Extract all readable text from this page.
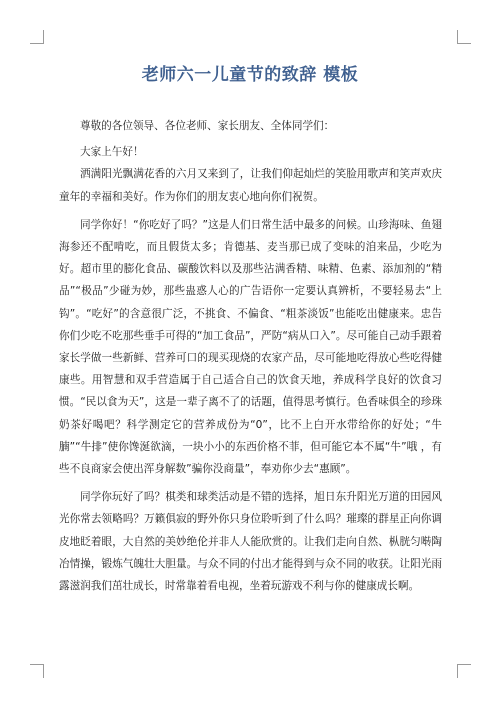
老师六一儿童节的致辞 模板

尊敬的各位领导、各位老师、家长朋友、全体同学们：

大家上午好！

洒满阳光飘满花香的六月又来到了，让我们仰起灿烂的笑脸用歌声和笑声欢庆童年的幸福和美好。作为你们的朋友衷心地向你们祝贺。

同学你好！“你吃好了吗？”这是人们日常生活中最多的问候。山珍海味、鱼翅海参还不配啃吃，而且假货太多；肯德基、麦当那已成了变味的洎来品，少吃为好。超市里的膨化食品、碳酸饮料以及那些沾满香精、味精、色素、添加剂的“精品”“极品”少碰为妙，那些蛊惑人心的广告语你一定要认真辨析，不要轻易去“上钩”。“吃好”的含意很广泛，不挑食、不偏食、“粗茶淡饭”也能吃出健康来。忠告你们少吃不吃那些垂手可得的“加工食品”，严防“病从口入”。尽可能自己动手跟着家长学做一些新鲜、营养可口的现买现烧的农家产品，尽可能地吃得放心些吃得健康些。用智慧和双手营造属于自己适合自己的饮食天地，养成科学良好的饮食习惯。“民以食为天”，这是一辈子离不了的话题，值得思考慎行。色香味俱全的珍珠奶茶好喝吧？科学测定它的营养成份为“0”，比不上白开水带给你的好处；“牛腩”“牛排”使你馋涎欲滴，一块小小的东西价格不菲，但可能它本不属“牛”哦 ，有些不良商家会使出浑身解数”骗你没商量”，奉劝你少去“惠顾”。

同学你玩好了吗？棋类和球类活动是不错的选择，旭日东升阳光万道的田园风光你常去领略吗？万籁俱寂的野外你只身位聆听到了什么吗？璀璨的群星正向你调皮地眨着眼，大自然的美妙绝伦并非人人能欣赏的。让我们走向自然、枞胱匀啭陶冶情操，锻炼气魄壮大胆量。与众不同的付出才能得到与众不同的收获。让阳光雨露滋润我们茁壮成长，时常靠着看电视，坐着玩游戏不利与你的健康成长啊。
